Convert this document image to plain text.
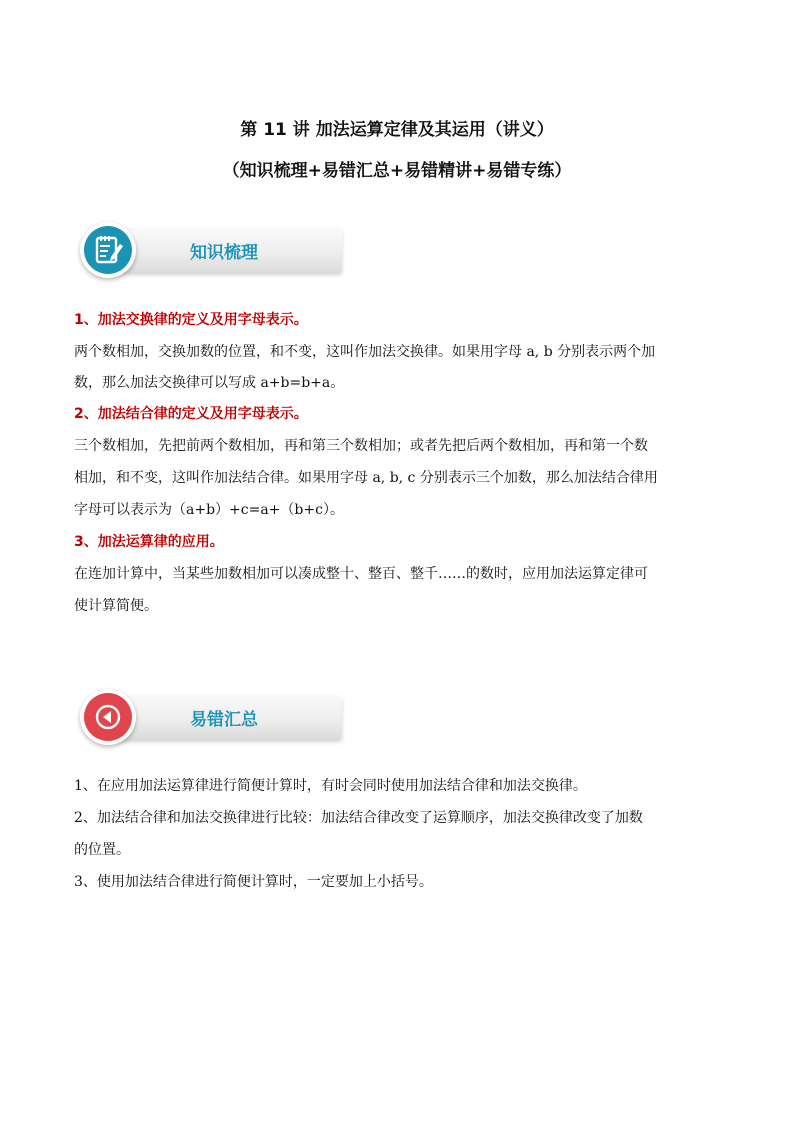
第 11 讲 加法运算定律及其运用（讲义）
（知识梳理+易错汇总+易错精讲+易错专练）
知识梳理
1、加法交换律的定义及用字母表示。
两个数相加，交换加数的位置，和不变，这叫作加法交换律。如果用字母 a, b 分别表示两个加
数，那么加法交换律可以写成 a+b=b+a。
2、加法结合律的定义及用字母表示。
三个数相加，先把前两个数相加，再和第三个数相加；或者先把后两个数相加，再和第一个数
相加，和不变，这叫作加法结合律。如果用字母 a, b, c 分别表示三个加数，那么加法结合律用
字母可以表示为（a+b）+c=a+（b+c）。
3、加法运算律的应用。
在连加计算中，当某些加数相加可以凑成整十、整百、整千……的数时，应用加法运算定律可
使计算简便。
易错汇总
1、在应用加法运算律进行简便计算时，有时会同时使用加法结合律和加法交换律。
2、加法结合律和加法交换律进行比较：加法结合律改变了运算顺序，加法交换律改变了加数
的位置。
3、使用加法结合律进行简便计算时，一定要加上小括号。
